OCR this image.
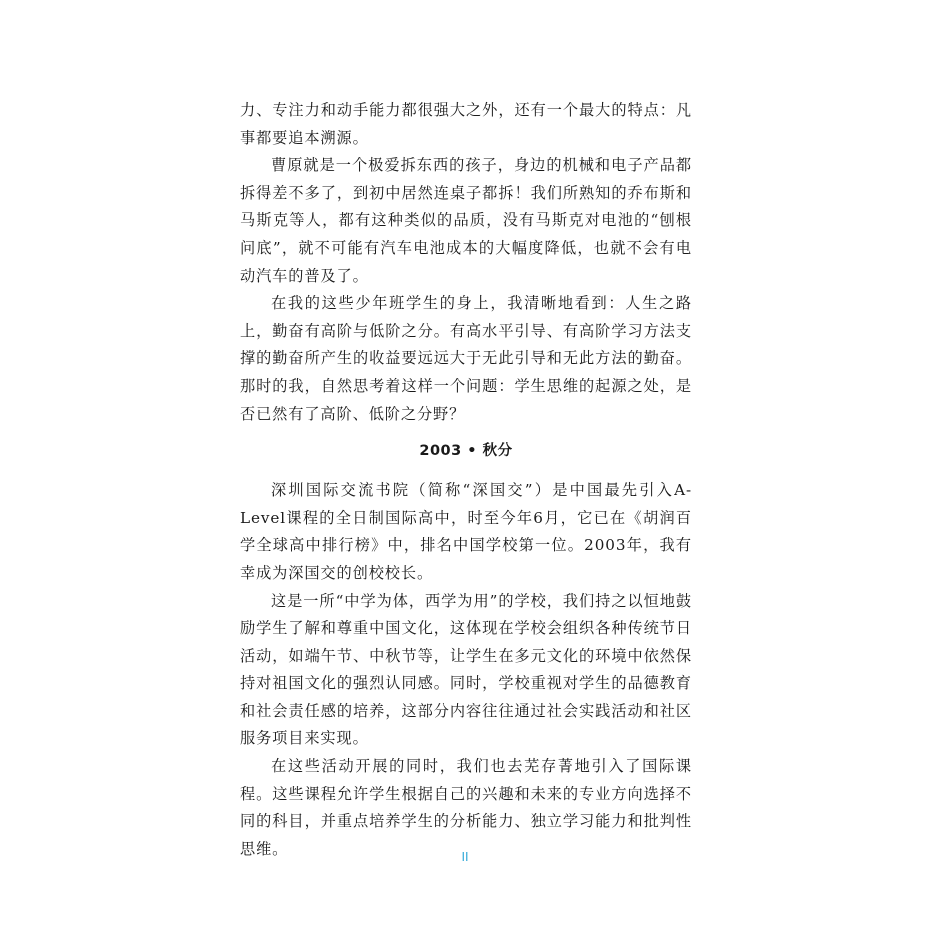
力、专注力和动手能力都很强大之外，还有一个最大的特点：凡事都要追本溯源。

曹原就是一个极爱拆东西的孩子，身边的机械和电子产品都拆得差不多了，到初中居然连桌子都拆！我们所熟知的乔布斯和马斯克等人，都有这种类似的品质，没有马斯克对电池的“刨根问底”，就不可能有汽车电池成本的大幅度降低，也就不会有电动汽车的普及了。

在我的这些少年班学生的身上，我清晰地看到：人生之路上，勤奋有高阶与低阶之分。有高水平引导、有高阶学习方法支撑的勤奋所产生的收益要远远大于无此引导和无此方法的勤奋。那时的我，自然思考着这样一个问题：学生思维的起源之处，是否已然有了高阶、低阶之分野？

2003 • 秋分

深圳国际交流书院（简称“深国交”）是中国最先引入A-Level课程的全日制国际高中，时至今年6月，它已在《胡润百学全球高中排行榜》中，排名中国学校第一位。2003年，我有幸成为深国交的创校校长。

这是一所“中学为体，西学为用”的学校，我们持之以恒地鼓励学生了解和尊重中国文化，这体现在学校会组织各种传统节日活动，如端午节、中秋节等，让学生在多元文化的环境中依然保持对祖国文化的强烈认同感。同时，学校重视对学生的品德教育和社会责任感的培养，这部分内容往往通过社会实践活动和社区服务项目来实现。

在这些活动开展的同时，我们也去芜存菁地引入了国际课程。这些课程允许学生根据自己的兴趣和未来的专业方向选择不同的科目，并重点培养学生的分析能力、独立学习能力和批判性思维。	II
